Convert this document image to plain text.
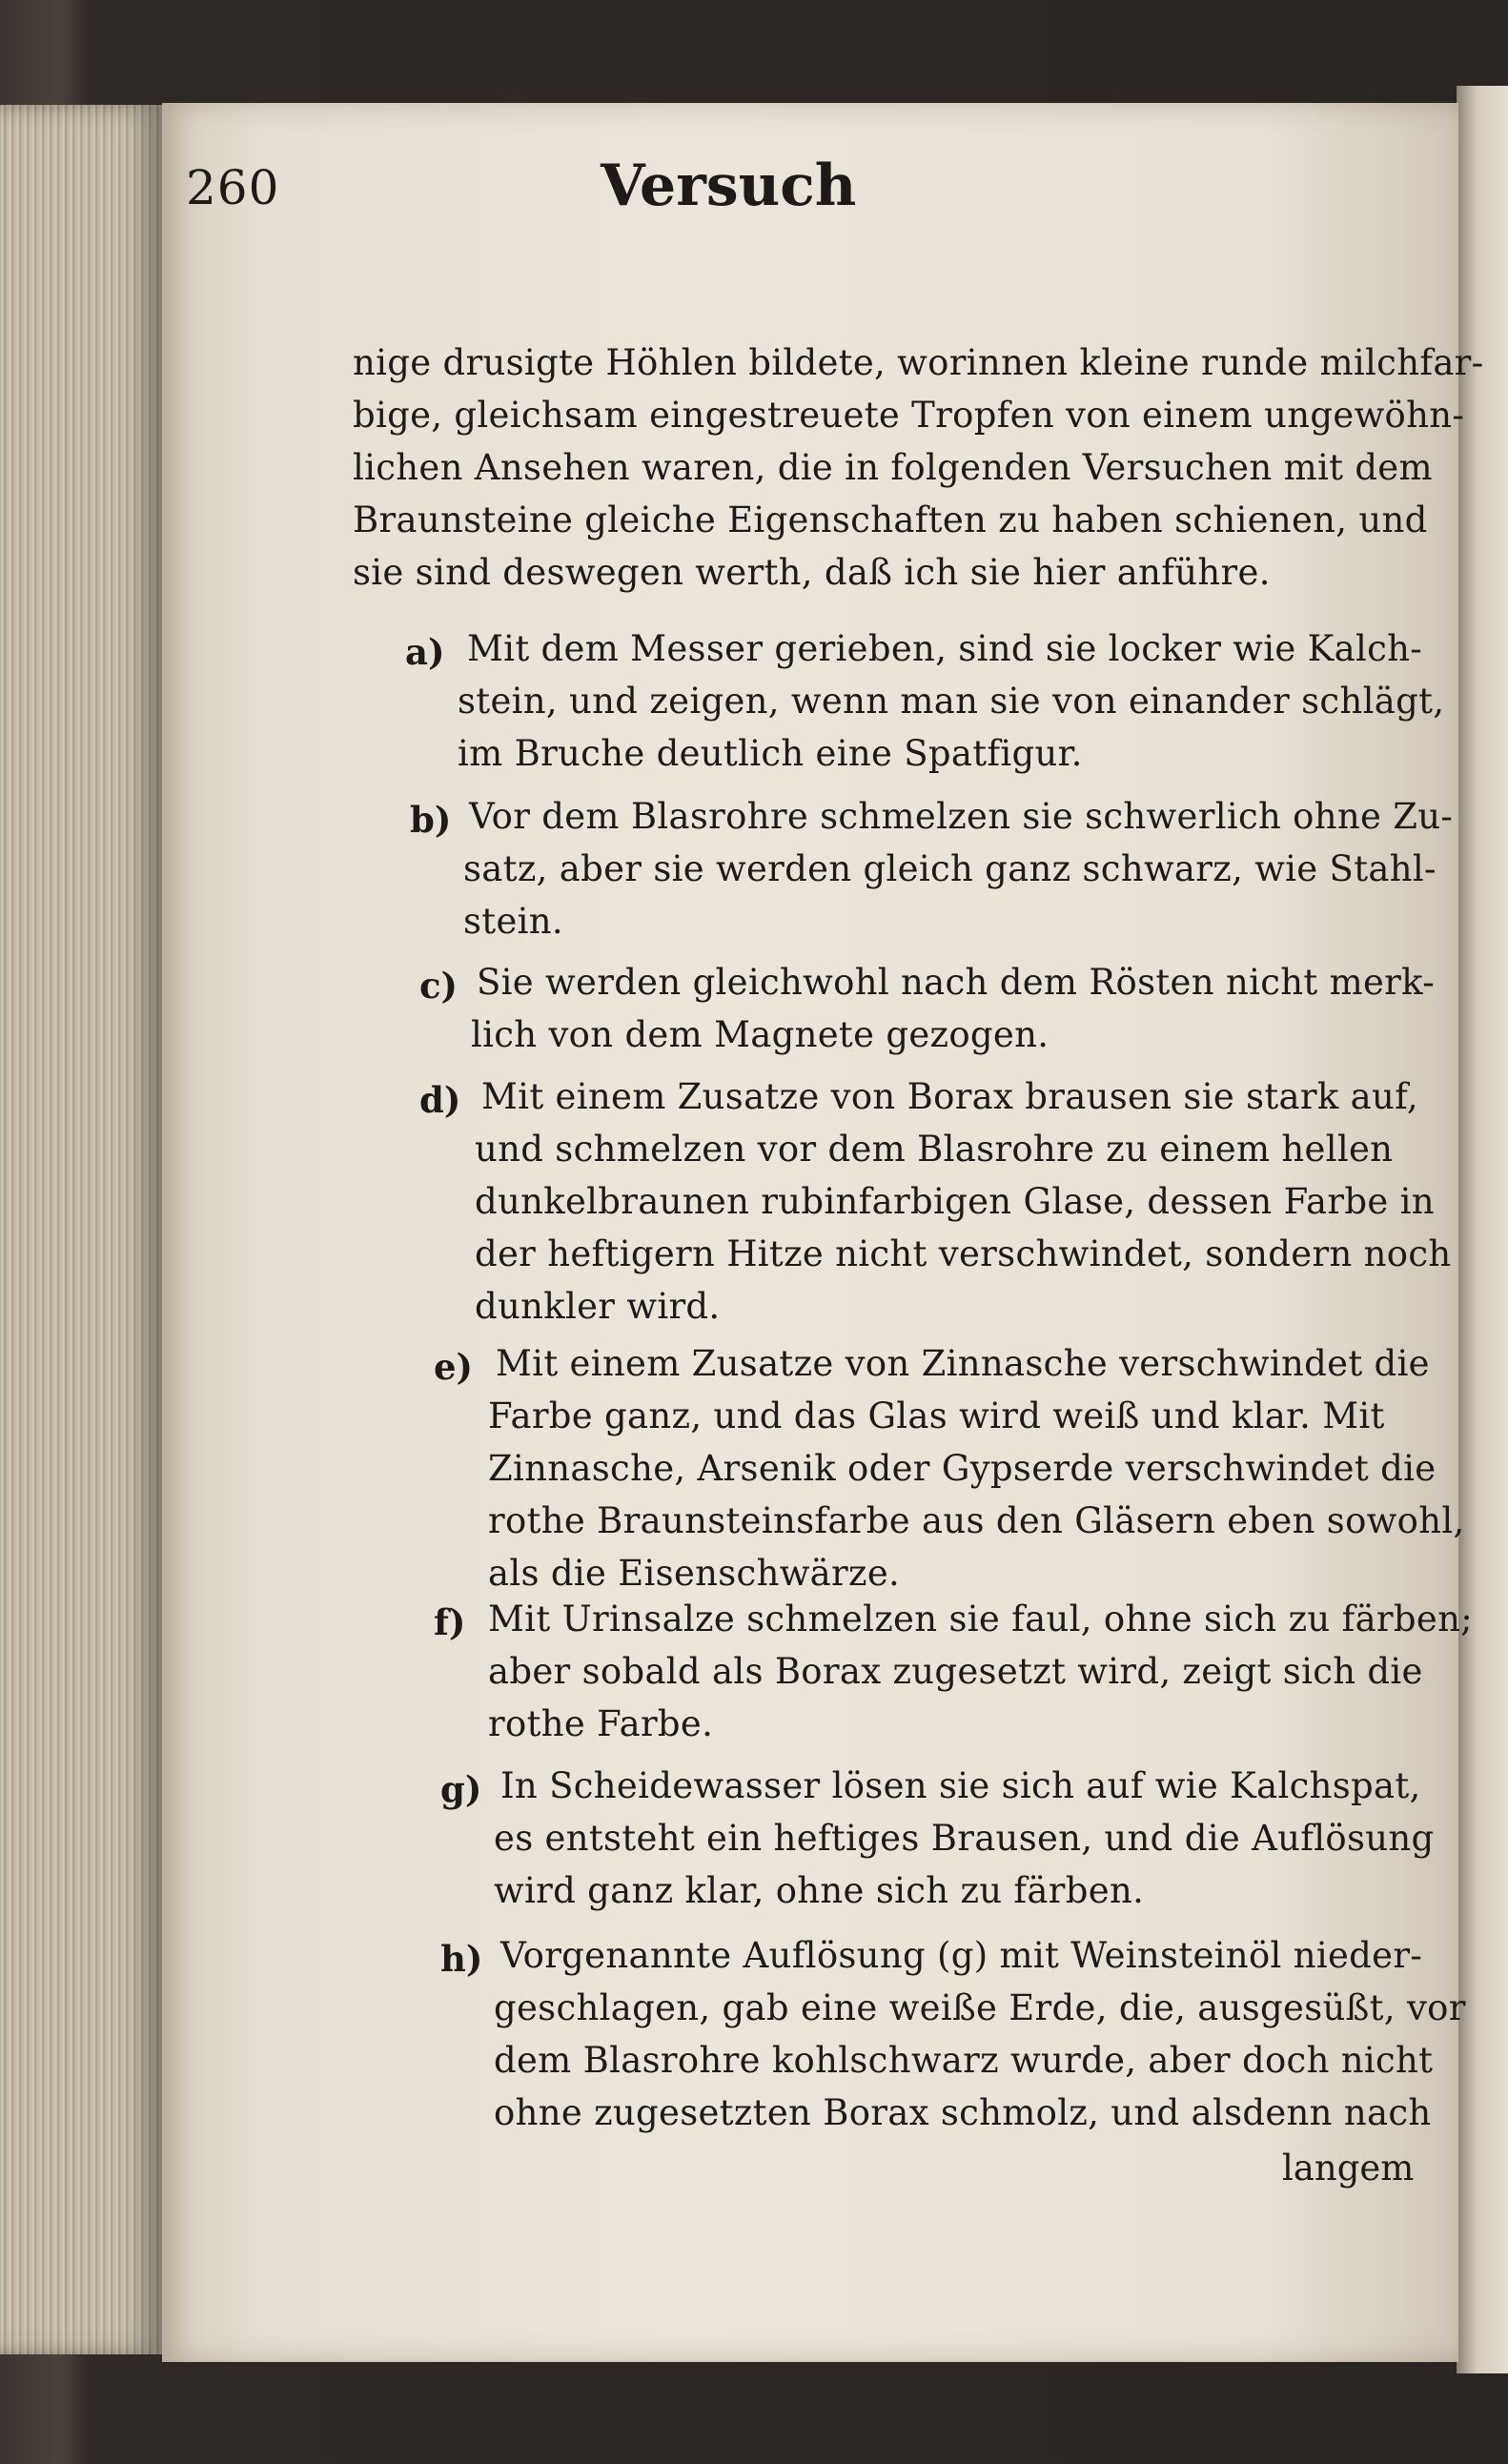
260	Versuch
nige drusigte Höhlen bildete, worinnen kleine runde milchfar-
bige, gleichsam eingestreuete Tropfen von einem ungewöhn-
lichen Ansehen waren, die in folgenden Versuchen mit dem
Braunsteine gleiche Eigenschaften zu haben schienen, und
sie sind deswegen werth, daß ich sie hier anführe.
a) Mit dem Messer gerieben, sind sie locker wie Kalch-
stein, und zeigen, wenn man sie von einander schlägt,
im Bruche deutlich eine Spatfigur.
b) Vor dem Blasrohre schmelzen sie schwerlich ohne Zu-
satz, aber sie werden gleich ganz schwarz, wie Stahl-
stein.
c) Sie werden gleichwohl nach dem Rösten nicht merk-
lich von dem Magnete gezogen.
d) Mit einem Zusatze von Borax brausen sie stark auf,
und schmelzen vor dem Blasrohre zu einem hellen
dunkelbraunen rubinfarbigen Glase, dessen Farbe in
der heftigern Hitze nicht verschwindet, sondern noch
dunkler wird.
e) Mit einem Zusatze von Zinnasche verschwindet die
Farbe ganz, und das Glas wird weiß und klar. Mit
Zinnasche, Arsenik oder Gypserde verschwindet die
rothe Braunsteinsfarbe aus den Gläsern eben sowohl,
als die Eisenschwärze.
f) Mit Urinsalze schmelzen sie faul, ohne sich zu färben;
aber sobald als Borax zugesetzt wird, zeigt sich die
rothe Farbe.
g) In Scheidewasser lösen sie sich auf wie Kalchspat,
es entsteht ein heftiges Brausen, und die Auflösung
wird ganz klar, ohne sich zu färben.
h) Vorgenannte Auflösung (g) mit Weinsteinöl nieder-
geschlagen, gab eine weiße Erde, die, ausgesüßt, vor
dem Blasrohre kohlschwarz wurde, aber doch nicht
ohne zugesetzten Borax schmolz, und alsdenn nach
langem
